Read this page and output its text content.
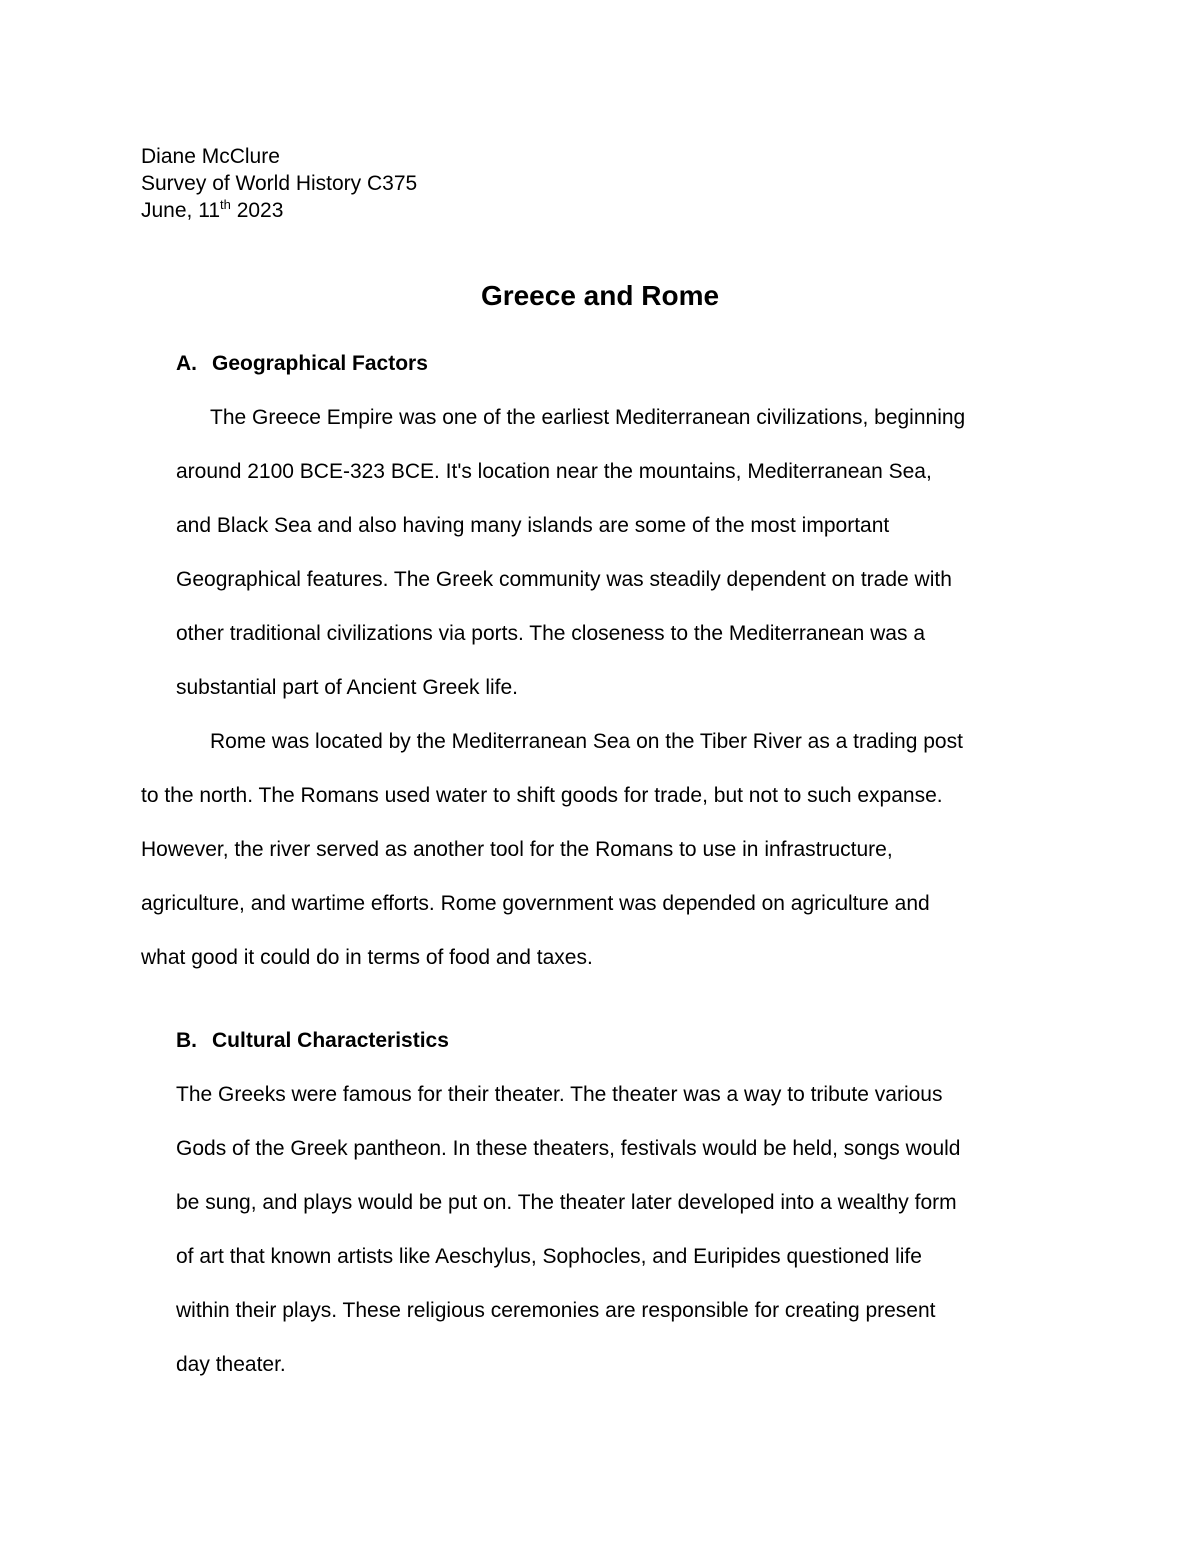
Diane McClure
Survey of World History C375
June, 11th 2023
Greece and Rome
A. Geographical Factors
The Greece Empire was one of the earliest Mediterranean civilizations, beginning
around 2100 BCE-323 BCE. It's location near the mountains, Mediterranean Sea,
and Black Sea and also having many islands are some of the most important
Geographical features. The Greek community was steadily dependent on trade with
other traditional civilizations via ports. The closeness to the Mediterranean was a
substantial part of Ancient Greek life.
Rome was located by the Mediterranean Sea on the Tiber River as a trading post
to the north. The Romans used water to shift goods for trade, but not to such expanse.
However, the river served as another tool for the Romans to use in infrastructure,
agriculture, and wartime efforts. Rome government was depended on agriculture and
what good it could do in terms of food and taxes.
B. Cultural Characteristics
The Greeks were famous for their theater. The theater was a way to tribute various
Gods of the Greek pantheon. In these theaters, festivals would be held, songs would
be sung, and plays would be put on. The theater later developed into a wealthy form
of art that known artists like Aeschylus, Sophocles, and Euripides questioned life
within their plays. These religious ceremonies are responsible for creating present
day theater.
